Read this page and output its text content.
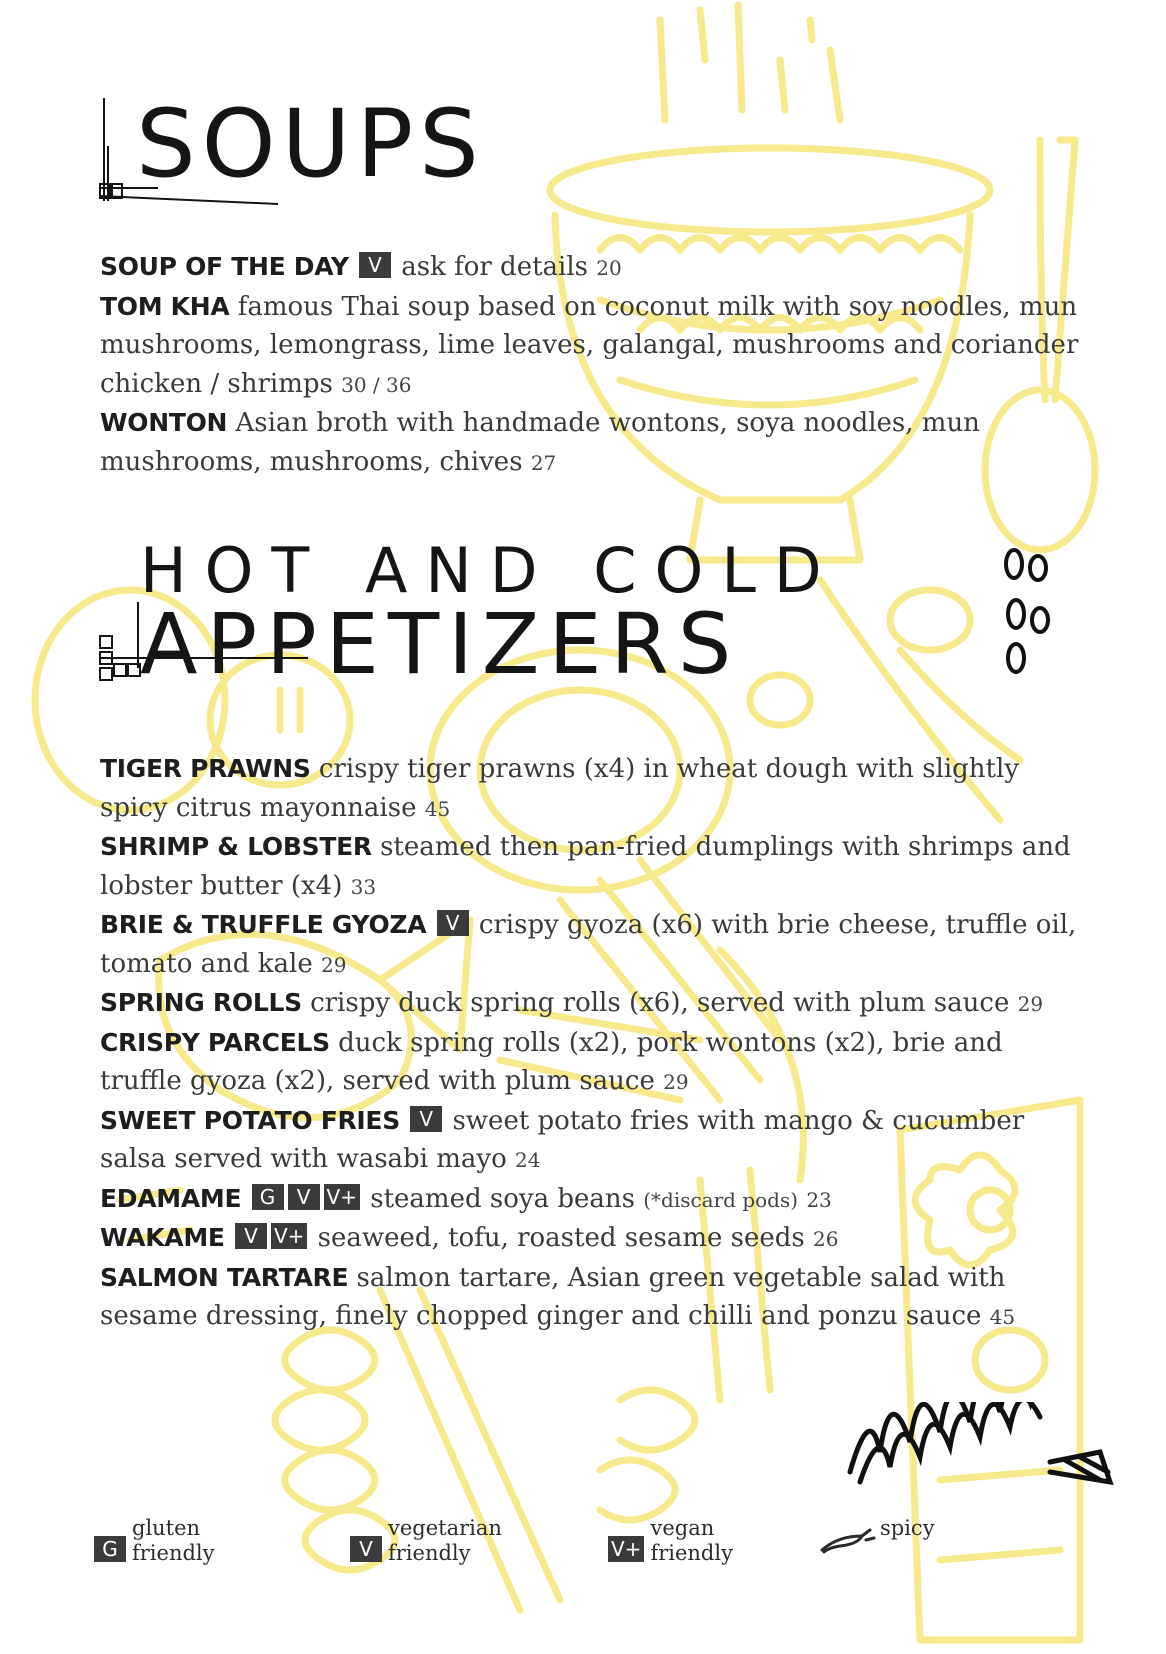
SOUPS
SOUP OF THE DAY V ask for details 20
TOM KHA famous Thai soup based on coconut milk with soy noodles, mun mushrooms, lemongrass, lime leaves, galangal, mushrooms and coriander chicken / shrimps 30 / 36
WONTON Asian broth with handmade wontons, soya noodles, mun mushrooms, mushrooms, chives 27
HOT AND COLD
APPETIZERS
TIGER PRAWNS crispy tiger prawns (x4) in wheat dough with slightly spicy citrus mayonnaise 45
SHRIMP & LOBSTER steamed then pan-fried dumplings with shrimps and lobster butter (x4) 33
BRIE & TRUFFLE GYOZA V crispy gyoza (x6) with brie cheese, truffle oil, tomato and kale 29
SPRING ROLLS crispy duck spring rolls (x6), served with plum sauce 29
CRISPY PARCELS duck spring rolls (x2), pork wontons (x2), brie and truffle gyoza (x2), served with plum sauce 29
SWEET POTATO FRIES V sweet potato fries with mango & cucumber salsa served with wasabi mayo 24
EDAMAME G V V+ steamed soya beans (*discard pods) 23
WAKAME V V+ seaweed, tofu, roasted sesame seeds 26
SALMON TARTARE salmon tartare, Asian green vegetable salad with sesame dressing, finely chopped ginger and chilli and ponzu sauce 45
G
gluten friendly	V
vegetarian friendly	V+
vegan friendly
spicy
